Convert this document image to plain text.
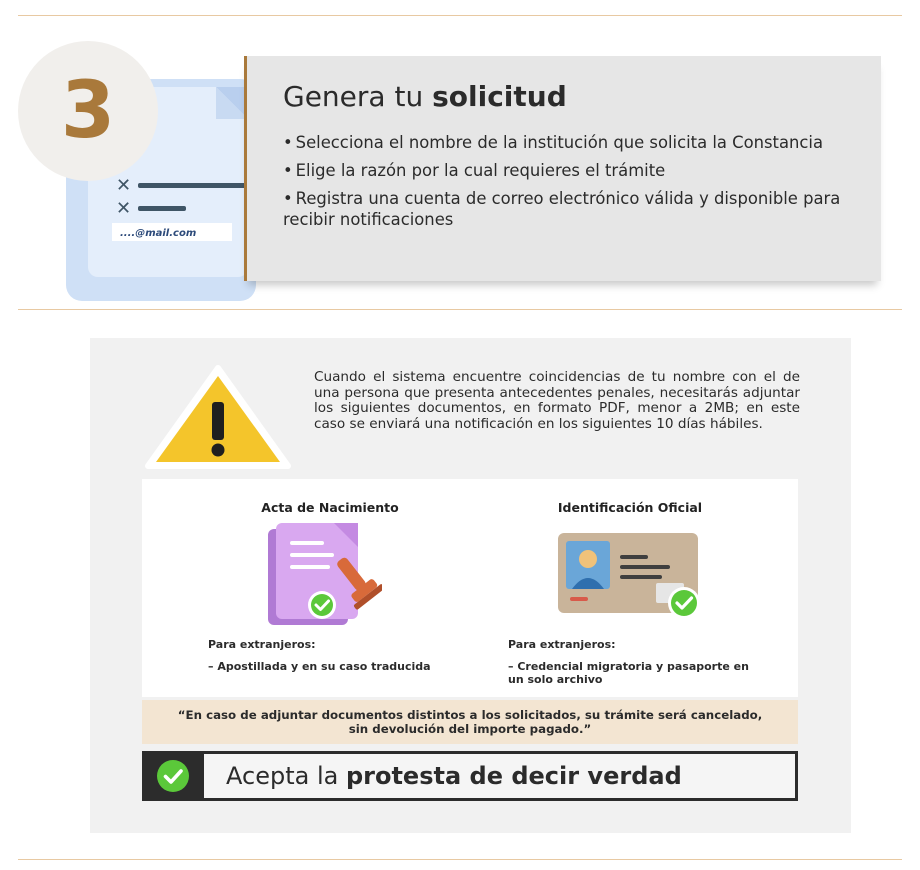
✕
✕
....@mail.com
3	Genera tu solicitud
• Selecciona el nombre de la institución que solicita la Constancia
• Elige la razón por la cual requieres el trámite
• Registra una cuenta de correo electrónico válida y disponible para recibir notificaciones

Cuando el sistema encuentre coincidencias de tu nombre con el de una persona que presenta antecedentes penales, necesitarás adjuntar los siguientes documentos, en formato PDF, menor a 2MB; en este caso se enviará una notificación en los siguientes 10 días hábiles.

Acta de Nacimiento
Para extranjeros:
– Apostillada y en su caso traducida
Identificación Oficial
Para extranjeros:
– Credencial migratoria y pasaporte en un solo archivo
“En caso de adjuntar documentos distintos a los solicitados, su trámite será cancelado, sin devolución del importe pagado.”
Acepta la
protesta de decir verdad
